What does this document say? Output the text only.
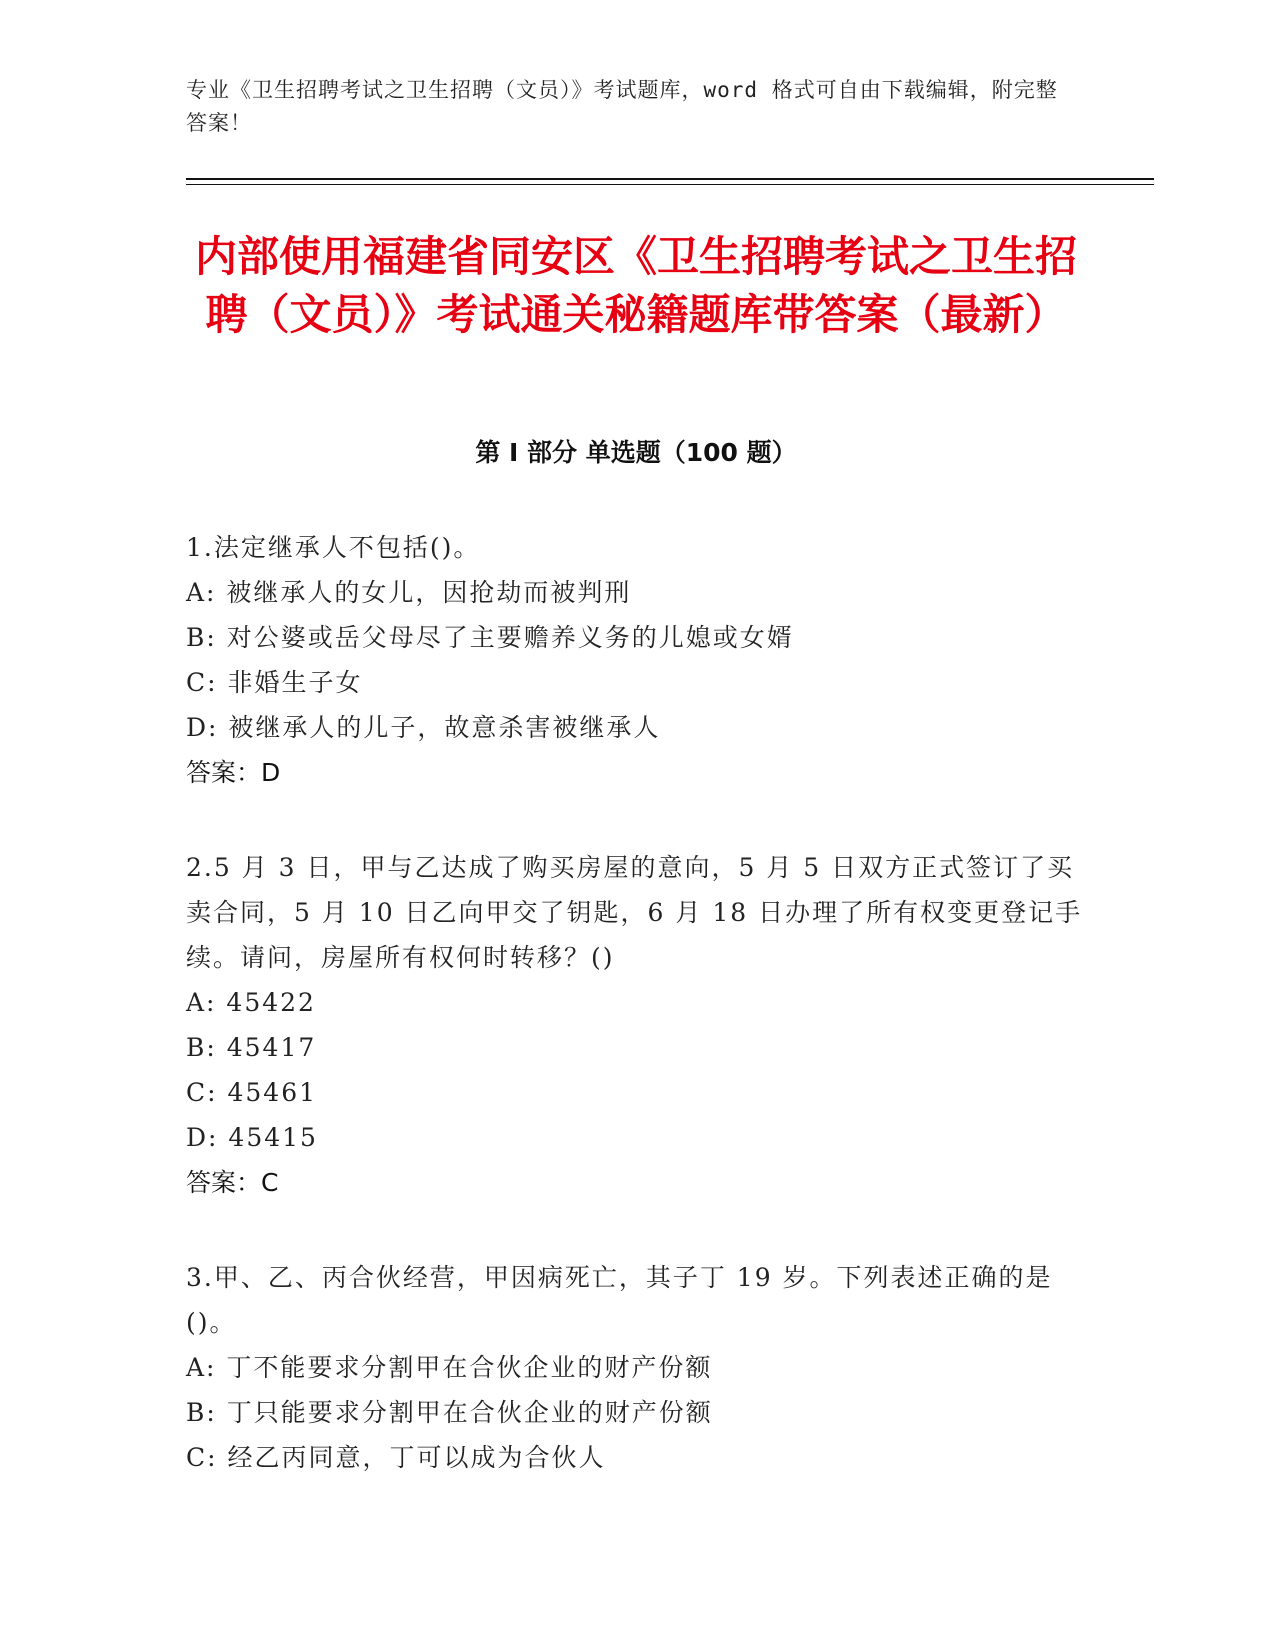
专业《卫生招聘考试之卫生招聘（文员）》考试题库，word 格式可自由下载编辑，附完整答案！
内部使用福建省同安区《卫生招聘考试之卫生招聘（文员）》考试通关秘籍题库带答案（最新）
第 I 部分 单选题（100 题）
1.法定继承人不包括()。
A: 被继承人的女儿，因抢劫而被判刑
B: 对公婆或岳父母尽了主要赡养义务的儿媳或女婿
C: 非婚生子女
D: 被继承人的儿子，故意杀害被继承人
答案：D
2.5 月 3 日，甲与乙达成了购买房屋的意向，5 月 5 日双方正式签订了买卖合同，5 月 10 日乙向甲交了钥匙，6 月 18 日办理了所有权变更登记手续。请问，房屋所有权何时转移？()
A: 45422
B: 45417
C: 45461
D: 45415
答案：C
3.甲、乙、丙合伙经营，甲因病死亡，其子丁 19 岁。下列表述正确的是()。
A: 丁不能要求分割甲在合伙企业的财产份额
B: 丁只能要求分割甲在合伙企业的财产份额
C: 经乙丙同意，丁可以成为合伙人
